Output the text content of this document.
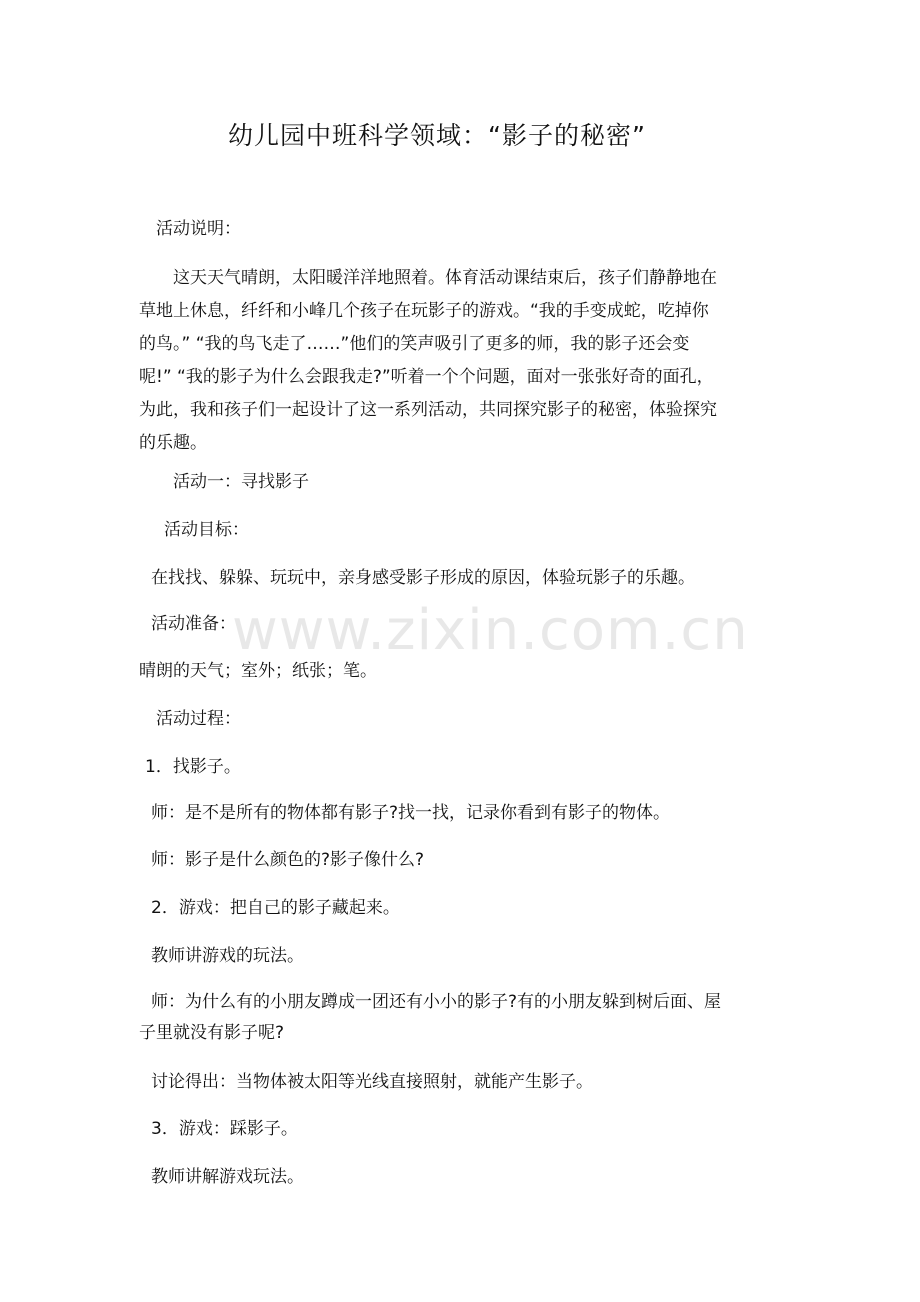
幼儿园中班科学领域：“影子的秘密”
活动说明：
这天天气晴朗，太阳暖洋洋地照着。体育活动课结束后，孩子们静静地在
草地上休息，纤纤和小峰几个孩子在玩影子的游戏。“我的手变成蛇，吃掉你
的鸟。” “我的鸟飞走了……”他们的笑声吸引了更多的师，我的影子还会变
呢!” “我的影子为什么会跟我走?”听着一个个问题，面对一张张好奇的面孔，
为此，我和孩子们一起设计了这一系列活动，共同探究影子的秘密，体验探究
的乐趣。
活动一：寻找影子
活动目标：
在找找、躲躲、玩玩中，亲身感受影子形成的原因，体验玩影子的乐趣。
活动准备：
晴朗的天气；室外；纸张；笔。
活动过程：
1．找影子。
师：是不是所有的物体都有影子?找一找，记录你看到有影子的物体。
师：影子是什么颜色的?影子像什么?
2．游戏：把自己的影子藏起来。
教师讲游戏的玩法。
师：为什么有的小朋友蹲成一团还有小小的影子?有的小朋友躲到树后面、屋
子里就没有影子呢?
讨论得出：当物体被太阳等光线直接照射，就能产生影子。
3．游戏：踩影子。
教师讲解游戏玩法。
www.zixin.com.cn
